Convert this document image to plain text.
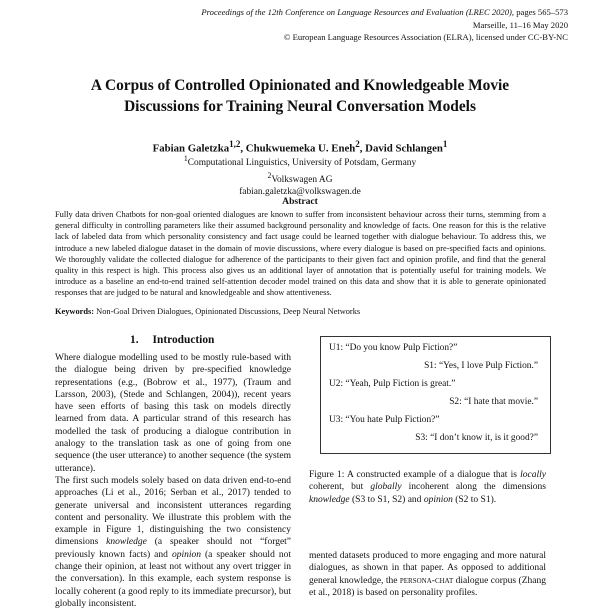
Proceedings of the 12th Conference on Language Resources and Evaluation (LREC 2020), pages 565–573
Marseille, 11–16 May 2020
© European Language Resources Association (ELRA), licensed under CC-BY-NC
A Corpus of Controlled Opinionated and Knowledgeable Movie
Discussions for Training Neural Conversation Models
Fabian Galetzka$^{1,2}$, Chukwuemeka U. Eneh$^2$, David Schlangen$^1$
$^1$Computational Linguistics, University of Potsdam, Germany
$^2$Volkswagen AG
fabian.galetzka@volkswagen.de
Abstract
Fully data driven Chatbots for non-goal oriented dialogues are known to suffer from inconsistent behaviour across their turns, stemming from a general difficulty in controlling parameters like their assumed background personality and knowledge of facts. One reason for this is the relative lack of labeled data from which personality consistency and fact usage could be learned together with dialogue behaviour. To address this, we introduce a new labeled dialogue dataset in the domain of movie discussions, where every dialogue is based on pre-specified facts and opinions. We thoroughly validate the collected dialogue for adherence of the participants to their given fact and opinion profile, and find that the general quality in this respect is high. This process also gives us an additional layer of annotation that is potentially useful for training models. We introduce as a baseline an end-to-end trained self-attention decoder model trained on this data and show that it is able to generate opinionated responses that are judged to be natural and knowledgeable and show attentiveness.
Keywords: Non-Goal Driven Dialogues, Opinionated Discussions, Deep Neural Networks
1. Introduction

Where dialogue modelling used to be mostly rule-based with the dialogue being driven by pre-specified knowledge representations (e.g., (Bobrow et al., 1977), (Traum and Larsson, 2003), (Stede and Schlangen, 2004)), recent years have seen efforts of basing this task on models directly learned from data. A particular strand of this research has modelled the task of producing a dialogue contribution in analogy to the translation task as one of going from one sequence (the user utterance) to another sequence (the system utterance).

The first such models solely based on data driven end-to-end approaches (Li et al., 2016; Serban et al., 2017) tended to generate universal and inconsistent utterances regarding content and personality. We illustrate this problem with the example in Figure 1, distinguishing the two consistency dimensions knowledge (a speaker should not “forget” previously known facts) and opinion (a speaker should not change their opinion, at least not without any overt trigger in the conversation). In this example, each system response is locally coherent (a good reply to its immediate precursor), but globally inconsistent.

U1: “Do you know Pulp Fiction?”
S1: “Yes, I love Pulp Fiction.”
U2: “Yeah, Pulp Fiction is great.”
S2: “I hate that movie.”
U3: “You hate Pulp Fiction?”
S3: “I don’t know it, is it good?”
Figure 1: A constructed example of a dialogue that is locally coherent, but globally incoherent along the dimensions knowledge (S3 to S1, S2) and opinion (S2 to S1).
mented datasets produced to more engaging and more natural dialogues, as shown in that paper. As opposed to additional general knowledge, the persona-chat dialogue corpus (Zhang et al., 2018) is based on personality profiles.
